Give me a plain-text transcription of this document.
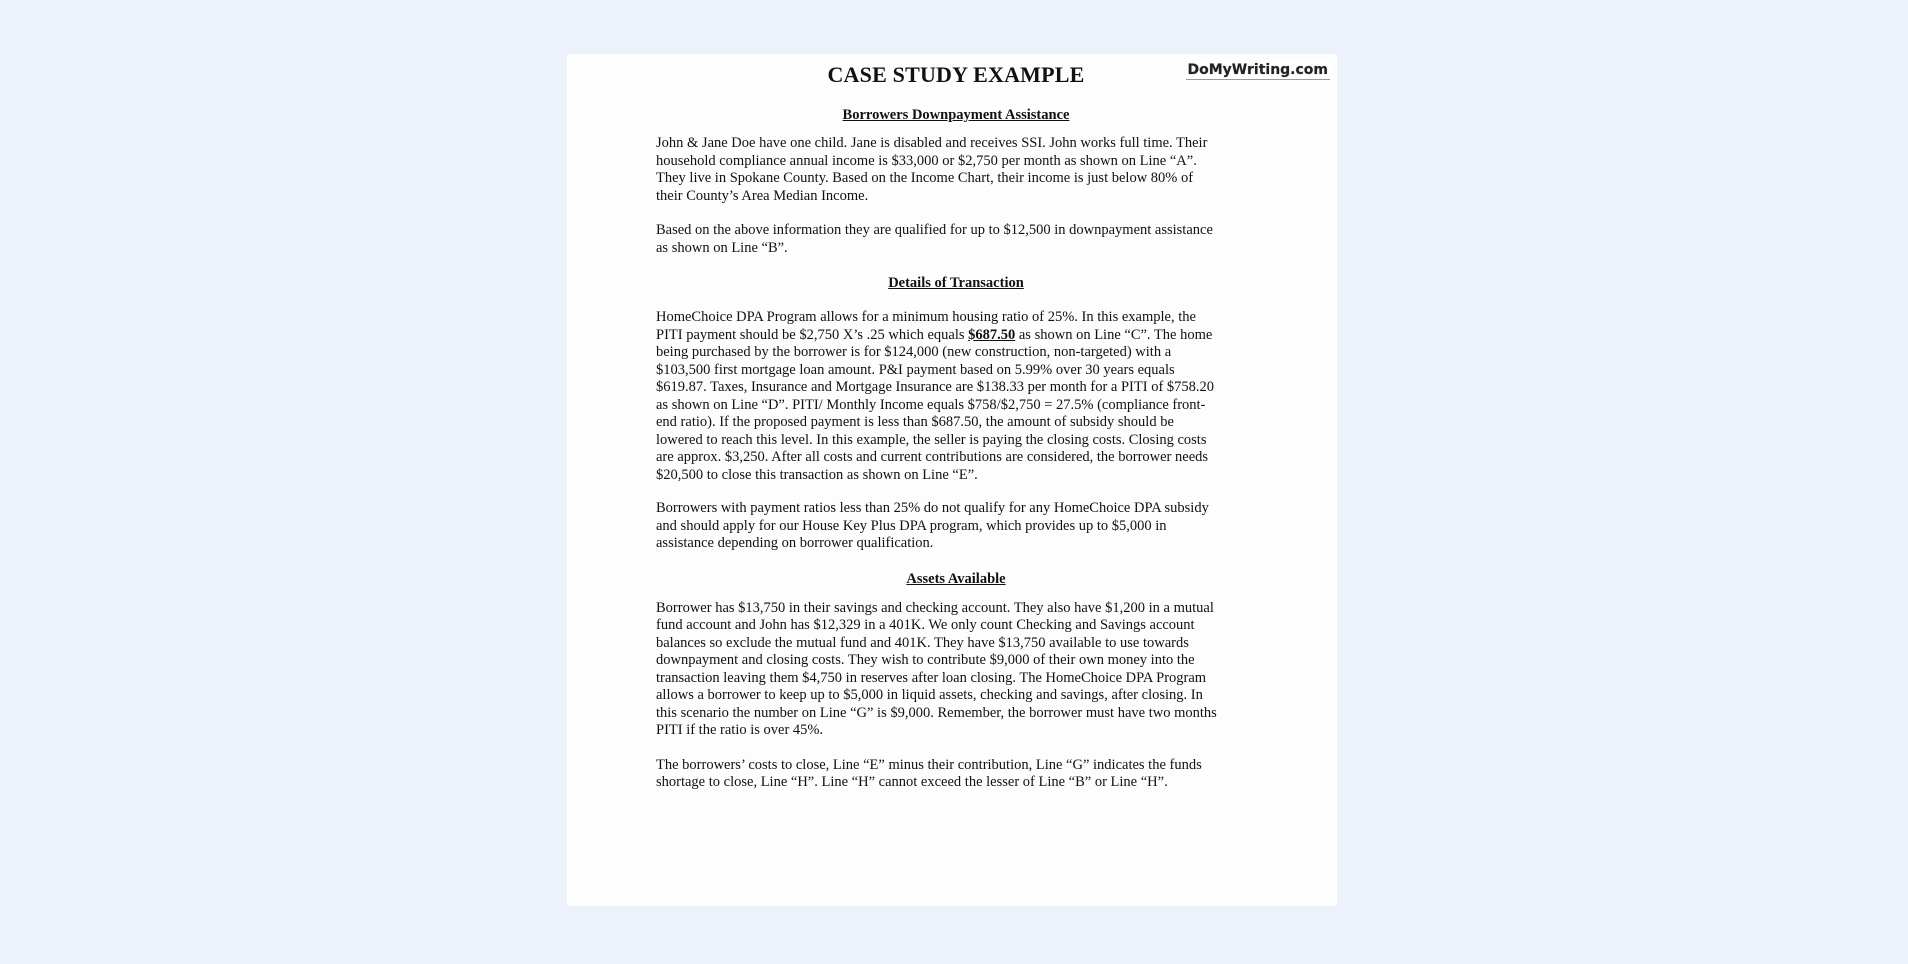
DoMyWriting.com
CASE STUDY EXAMPLE
Borrowers Downpayment Assistance
John & Jane Doe have one child. Jane is disabled and receives SSI. John works full time. Their
household compliance annual income is $33,000 or $2,750 per month as shown on Line “A”.
They live in Spokane County. Based on the Income Chart, their income is just below 80% of
their County’s Area Median Income.
Based on the above information they are qualified for up to $12,500 in downpayment assistance
as shown on Line “B”.
Details of Transaction
HomeChoice DPA Program allows for a minimum housing ratio of 25%. In this example, the
PITI payment should be $2,750 X’s .25 which equals $687.50 as shown on Line “C”. The home
being purchased by the borrower is for $124,000 (new construction, non-targeted) with a
$103,500 first mortgage loan amount. P&I payment based on 5.99% over 30 years equals
$619.87. Taxes, Insurance and Mortgage Insurance are $138.33 per month for a PITI of $758.20
as shown on Line “D”. PITI/ Monthly Income equals $758/$2,750 = 27.5% (compliance front-
end ratio). If the proposed payment is less than $687.50, the amount of subsidy should be
lowered to reach this level. In this example, the seller is paying the closing costs. Closing costs
are approx. $3,250. After all costs and current contributions are considered, the borrower needs
$20,500 to close this transaction as shown on Line “E”.
Borrowers with payment ratios less than 25% do not qualify for any HomeChoice DPA subsidy
and should apply for our House Key Plus DPA program, which provides up to $5,000 in
assistance depending on borrower qualification.
Assets Available
Borrower has $13,750 in their savings and checking account. They also have $1,200 in a mutual
fund account and John has $12,329 in a 401K. We only count Checking and Savings account
balances so exclude the mutual fund and 401K. They have $13,750 available to use towards
downpayment and closing costs. They wish to contribute $9,000 of their own money into the
transaction leaving them $4,750 in reserves after loan closing. The HomeChoice DPA Program
allows a borrower to keep up to $5,000 in liquid assets, checking and savings, after closing. In
this scenario the number on Line “G” is $9,000. Remember, the borrower must have two months
PITI if the ratio is over 45%.
The borrowers’ costs to close, Line “E” minus their contribution, Line “G” indicates the funds
shortage to close, Line “H”. Line “H” cannot exceed the lesser of Line “B” or Line “H”.
